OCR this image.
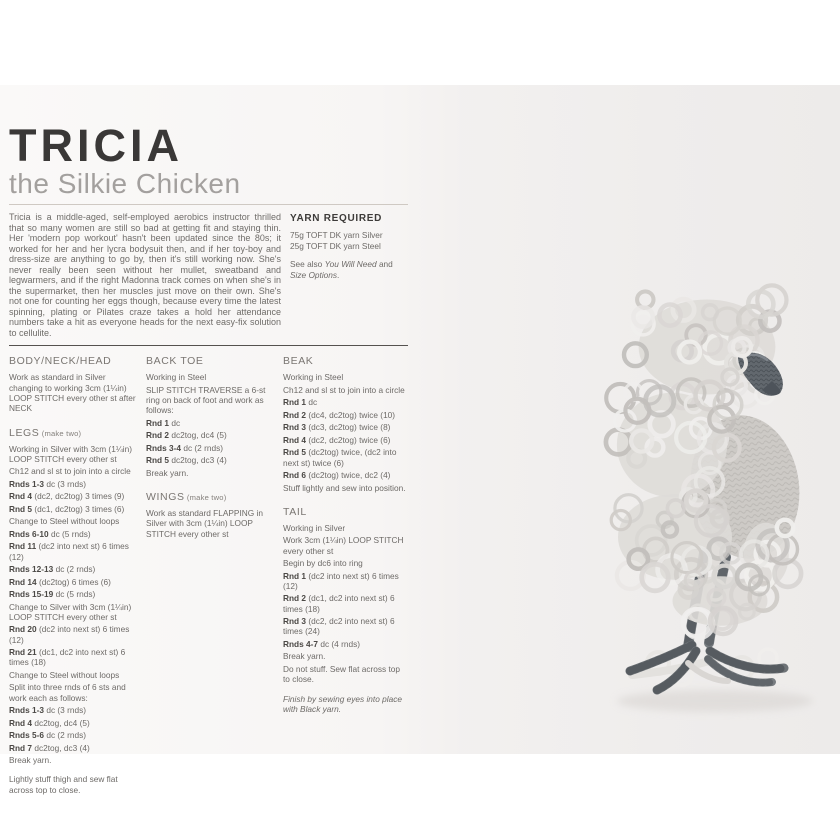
TRICIA
the Silkie Chicken
Tricia is a middle-aged, self-employed aerobics instructor thrilled that so many women are still so bad at getting fit and staying thin. Her 'modern pop workout' hasn't been updated since the 80s; it worked for her and her lycra bodysuit then, and if her toy-boy and dress-size are anything to go by, then it's still working now. She's never really been seen without her mullet, sweatband and legwarmers, and if the right Madonna track comes on when she's in the supermarket, then her muscles just move on their own. She's not one for counting her eggs though, because every time the latest spinning, plating or Pilates craze takes a hold her attendance numbers take a hit as everyone heads for the next easy-fix solution to cellulite.
YARN REQUIRED
75g TOFT DK yarn Silver
25g TOFT DK yarn Steel
See also You Will Need and Size Options.
BODY/NECK/HEAD
Work as standard in Silver changing to working 3cm (1¼in) LOOP STITCH every other st after NECK
LEGS (make two)
Working in Silver with 3cm (1¼in) LOOP STITCH every other st
Ch12 and sl st to join into a circle
Rnds 1-3 dc (3 rnds)
Rnd 4 (dc2, dc2tog) 3 times (9)
Rnd 5 (dc1, dc2tog) 3 times (6)
Change to Steel without loops
Rnds 6-10 dc (5 rnds)
Rnd 11 (dc2 into next st) 6 times (12)
Rnds 12-13 dc (2 rnds)
Rnd 14 (dc2tog) 6 times (6)
Rnds 15-19 dc (5 rnds)
Change to Silver with 3cm (1¼in) LOOP STITCH every other st
Rnd 20 (dc2 into next st) 6 times (12)
Rnd 21 (dc1, dc2 into next st) 6 times (18)
Change to Steel without loops
Split into three rnds of 6 sts and work each as follows:
Rnds 1-3 dc (3 rnds)
Rnd 4 dc2tog, dc4 (5)
Rnds 5-6 dc (2 rnds)
Rnd 7 dc2tog, dc3 (4)
Break yarn.
Lightly stuff thigh and sew flat across top to close.
BACK TOE
Working in Steel
SLIP STITCH TRAVERSE a 6-st ring on back of foot and work as follows:
Rnd 1 dc
Rnd 2 dc2tog, dc4 (5)
Rnds 3-4 dc (2 rnds)
Rnd 5 dc2tog, dc3 (4)
Break yarn.
WINGS (make two)
Work as standard FLAPPING in Silver with 3cm (1¼in) LOOP STITCH every other st
BEAK
Working in Steel
Ch12 and sl st to join into a circle
Rnd 1 dc
Rnd 2 (dc4, dc2tog) twice (10)
Rnd 3 (dc3, dc2tog) twice (8)
Rnd 4 (dc2, dc2tog) twice (6)
Rnd 5 (dc2tog) twice, (dc2 into next st) twice (6)
Rnd 6 (dc2tog) twice, dc2 (4)
Stuff lightly and sew into position.
TAIL
Working in Silver
Work 3cm (1¼in) LOOP STITCH every other st
Begin by dc6 into ring
Rnd 1 (dc2 into next st) 6 times (12)
Rnd 2 (dc1, dc2 into next st) 6 times (18)
Rnd 3 (dc2, dc2 into next st) 6 times (24)
Rnds 4-7 dc (4 rnds)
Break yarn.
Do not stuff. Sew flat across top to close.
Finish by sewing eyes into place with Black yarn.
